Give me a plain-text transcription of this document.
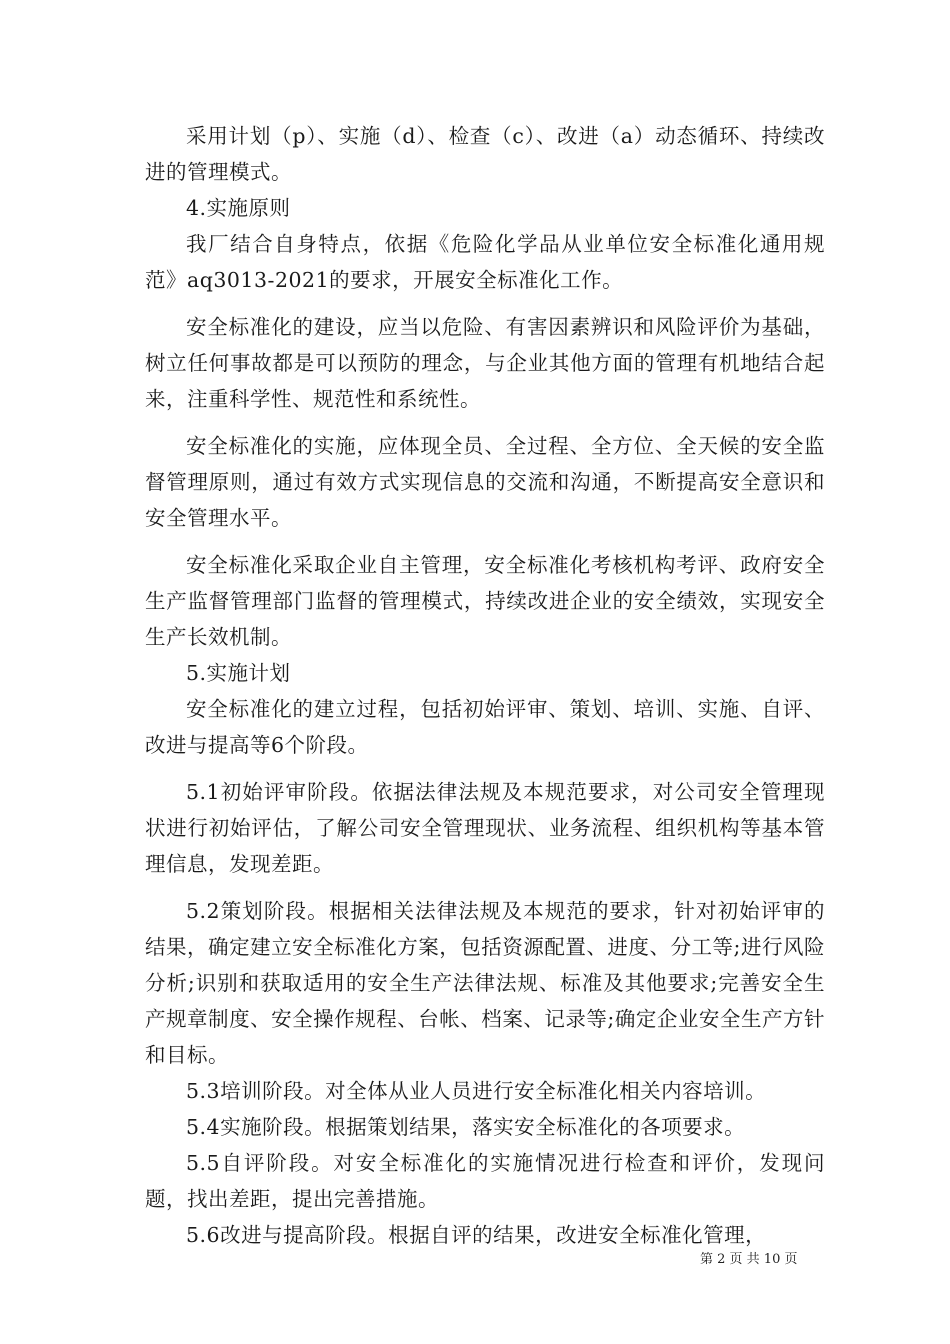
采用计划（p）、实施（d）、检查（c）、改进（a）动态循环、持续改进的管理模式。

4.实施原则

我厂结合自身特点，依据《危险化学品从业单位安全标准化通用规范》aq3013-2021的要求，开展安全标准化工作。

安全标准化的建设，应当以危险、有害因素辨识和风险评价为基础，树立任何事故都是可以预防的理念，与企业其他方面的管理有机地结合起来，注重科学性、规范性和系统性。

安全标准化的实施，应体现全员、全过程、全方位、全天候的安全监督管理原则，通过有效方式实现信息的交流和沟通，不断提高安全意识和安全管理水平。

安全标准化采取企业自主管理，安全标准化考核机构考评、政府安全生产监督管理部门监督的管理模式，持续改进企业的安全绩效，实现安全生产长效机制。

5.实施计划

安全标准化的建立过程，包括初始评审、策划、培训、实施、自评、改进与提高等6个阶段。

5.1初始评审阶段。依据法律法规及本规范要求，对公司安全管理现状进行初始评估，了解公司安全管理现状、业务流程、组织机构等基本管理信息，发现差距。

5.2策划阶段。根据相关法律法规及本规范的要求，针对初始评审的结果，确定建立安全标准化方案，包括资源配置、进度、分工等;进行风险分析;识别和获取适用的安全生产法律法规、标准及其他要求;完善安全生产规章制度、安全操作规程、台帐、档案、记录等;确定企业安全生产方针和目标。

5.3培训阶段。对全体从业人员进行安全标准化相关内容培训。

5.4实施阶段。根据策划结果，落实安全标准化的各项要求。

5.5自评阶段。对安全标准化的实施情况进行检查和评价，发现问题，找出差距，提出完善措施。

5.6改进与提高阶段。根据自评的结果，改进安全标准化管理，

第 2 页 共 10 页
